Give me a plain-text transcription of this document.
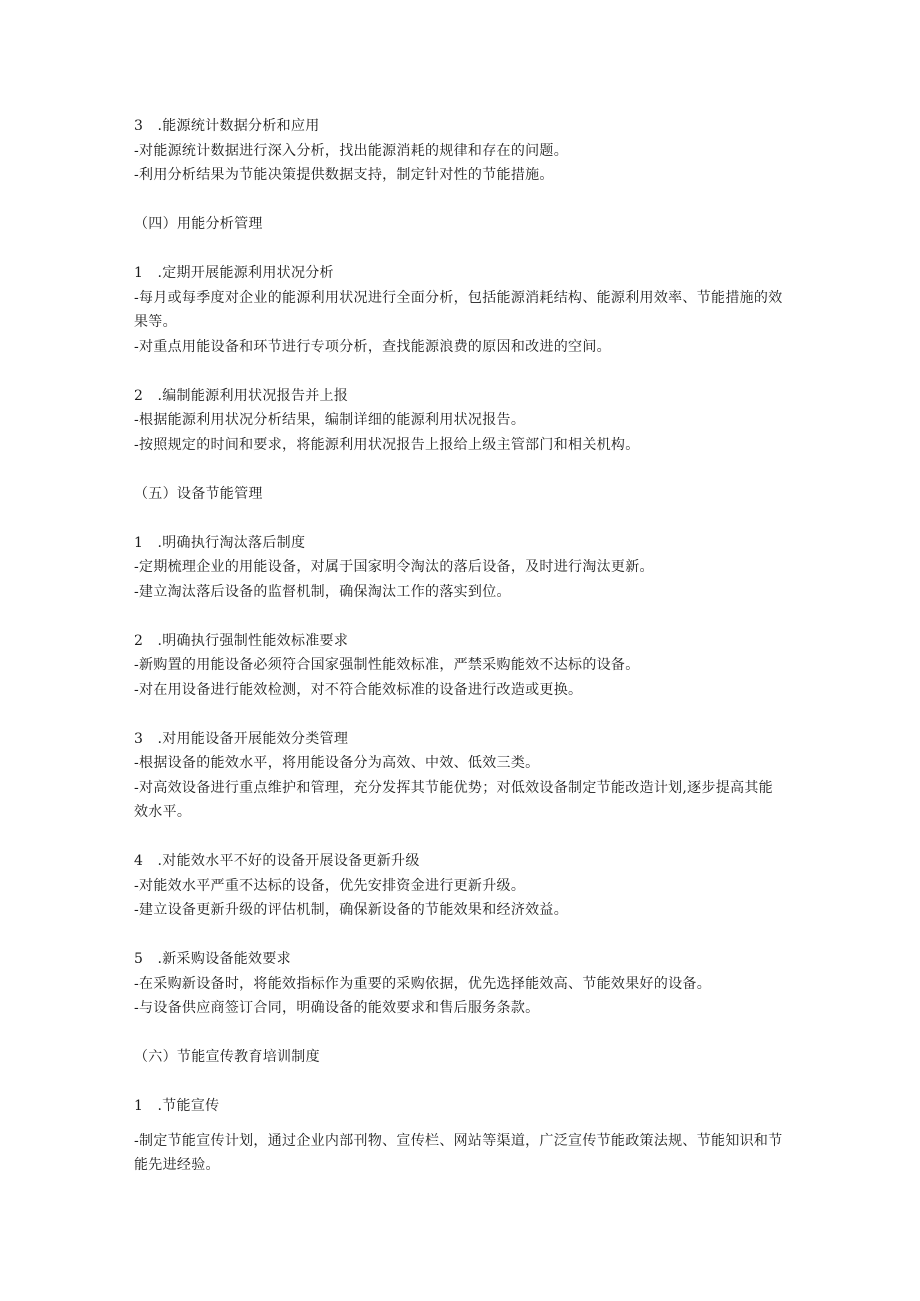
3　.能源统计数据分析和应用
-对能源统计数据进行深入分析，找出能源消耗的规律和存在的问题。
-利用分析结果为节能决策提供数据支持，制定针对性的节能措施。
（四）用能分析管理
1　.定期开展能源利用状况分析
-每月或每季度对企业的能源利用状况进行全面分析，包括能源消耗结构、能源利用效率、节能措施的效果等。
-对重点用能设备和环节进行专项分析，查找能源浪费的原因和改进的空间。
2　.编制能源利用状况报告并上报
-根据能源利用状况分析结果，编制详细的能源利用状况报告。
-按照规定的时间和要求，将能源利用状况报告上报给上级主管部门和相关机构。
（五）设备节能管理
1　.明确执行淘汰落后制度
-定期梳理企业的用能设备，对属于国家明令淘汰的落后设备，及时进行淘汰更新。
-建立淘汰落后设备的监督机制，确保淘汰工作的落实到位。
2　.明确执行强制性能效标准要求
-新购置的用能设备必须符合国家强制性能效标准，严禁采购能效不达标的设备。
-对在用设备进行能效检测，对不符合能效标准的设备进行改造或更换。
3　.对用能设备开展能效分类管理
-根据设备的能效水平，将用能设备分为高效、中效、低效三类。
-对高效设备进行重点维护和管理，充分发挥其节能优势；对低效设备制定节能改造计划,逐步提高其能效水平。
4　.对能效水平不好的设备开展设备更新升级
-对能效水平严重不达标的设备，优先安排资金进行更新升级。
-建立设备更新升级的评估机制，确保新设备的节能效果和经济效益。
5　.新采购设备能效要求
-在采购新设备时，将能效指标作为重要的采购依据，优先选择能效高、节能效果好的设备。
-与设备供应商签订合同，明确设备的能效要求和售后服务条款。
（六）节能宣传教育培训制度
1　.节能宣传
-制定节能宣传计划，通过企业内部刊物、宣传栏、网站等渠道，广泛宣传节能政策法规、节能知识和节能先进经验。
